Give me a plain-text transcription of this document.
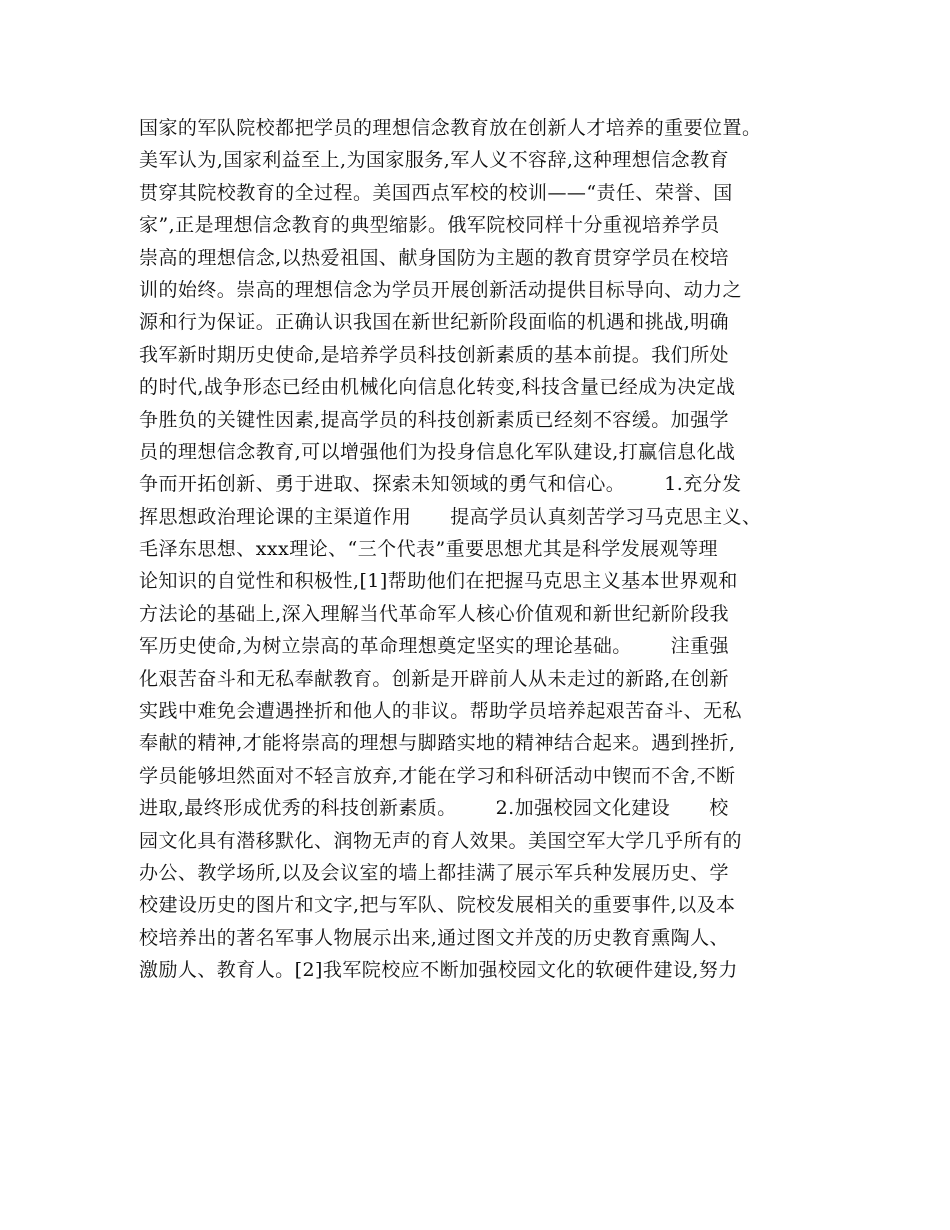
国家的军队院校都把学员的理想信念教育放在创新人才培养的重要位置。
美军认为,国家利益至上,为国家服务,军人义不容辞,这种理想信念教育
贯穿其院校教育的全过程。美国西点军校的校训——“责任、荣誉、国
家”,正是理想信念教育的典型缩影。俄军院校同样十分重视培养学员
崇高的理想信念,以热爱祖国、献身国防为主题的教育贯穿学员在校培
训的始终。崇高的理想信念为学员开展创新活动提供目标导向、动力之
源和行为保证。正确认识我国在新世纪新阶段面临的机遇和挑战,明确
我军新时期历史使命,是培养学员科技创新素质的基本前提。我们所处
的时代,战争形态已经由机械化向信息化转变,科技含量已经成为决定战
争胜负的关键性因素,提高学员的科技创新素质已经刻不容缓。加强学
员的理想信念教育,可以增强他们为投身信息化军队建设,打赢信息化战
争而开拓创新、勇于进取、探索未知领域的勇气和信心。      1.充分发
挥思想政治理论课的主渠道作用      提高学员认真刻苦学习马克思主义、
毛泽东思想、xxx理论、“三个代表”重要思想尤其是科学发展观等理
论知识的自觉性和积极性,[1]帮助他们在把握马克思主义基本世界观和
方法论的基础上,深入理解当代革命军人核心价值观和新世纪新阶段我
军历史使命,为树立崇高的革命理想奠定坚实的理论基础。      注重强
化艰苦奋斗和无私奉献教育。创新是开辟前人从未走过的新路,在创新
实践中难免会遭遇挫折和他人的非议。帮助学员培养起艰苦奋斗、无私
奉献的精神,才能将崇高的理想与脚踏实地的精神结合起来。遇到挫折,
学员能够坦然面对不轻言放弃,才能在学习和科研活动中锲而不舍,不断
进取,最终形成优秀的科技创新素质。      2.加强校园文化建设      校
园文化具有潜移默化、润物无声的育人效果。美国空军大学几乎所有的
办公、教学场所,以及会议室的墙上都挂满了展示军兵种发展历史、学
校建设历史的图片和文字,把与军队、院校发展相关的重要事件,以及本
校培养出的著名军事人物展示出来,通过图文并茂的历史教育熏陶人、
激励人、教育人。[2]我军院校应不断加强校园文化的软硬件建设,努力
